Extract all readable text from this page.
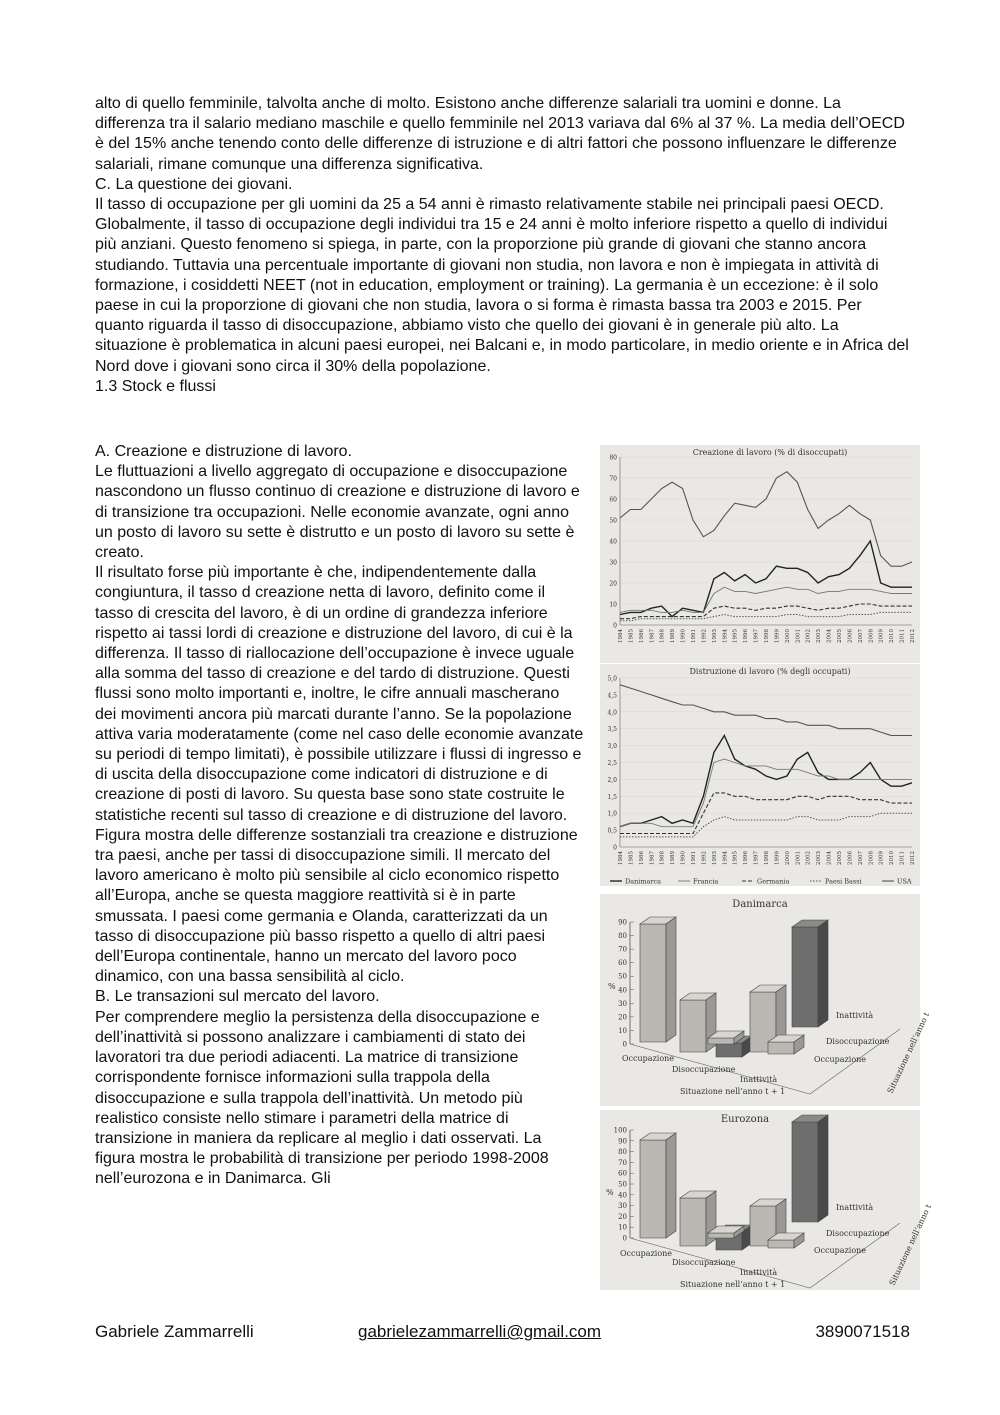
alto di quello femminile, talvolta anche di molto. Esistono anche differenze salariali tra uomini e donne. La differenza tra il salario mediano maschile e quello femminile nel 2013 variava dal 6% al 37 %. La media dell’OECD è del 15% anche tenendo conto delle differenze di istruzione e di altri fattori che possono influenzare le differenze salariali, rimane comunque una differenza significativa.

C. La questione dei giovani.

Il tasso di occupazione per gli uomini da 25 a 54 anni è rimasto relativamente stabile nei principali paesi OECD. Globalmente, il tasso di occupazione degli individui tra 15 e 24 anni è molto inferiore rispetto a quello di individui più anziani. Questo fenomeno si spiega, in parte, con la proporzione più grande di giovani che stanno ancora studiando. Tuttavia una percentuale importante di giovani non studia, non lavora e non è impiegata in attività di formazione, i cosiddetti NEET (not in education, employment or training). La germania è un eccezione: è il solo paese in cui la proporzione di giovani che non studia, lavora o si forma è rimasta bassa tra 2003 e 2015. Per quanto riguarda il tasso di disoccupazione, abbiamo visto che quello dei giovani è in generale più alto. La situazione è problematica in alcuni paesi europei, nei Balcani e, in modo particolare, in medio oriente e in Africa del Nord dove i giovani sono circa il 30% della popolazione.

1.3 Stock e flussi

A. Creazione e distruzione di lavoro.

Le fluttuazioni a livello aggregato di occupazione e disoccupazione nascondono un flusso continuo di creazione e distruzione di lavoro e di transizione tra occupazioni. Nelle economie avanzate, ogni anno un posto di lavoro su sette è distrutto e un posto di lavoro su sette è creato.

Il risultato forse più importante è che, indipendentemente dalla congiuntura, il tasso d creazione netta di lavoro, definito come il tasso di crescita del lavoro, è di un ordine di grandezza inferiore rispetto ai tassi lordi di creazione e distruzione del lavoro, di cui è la differenza. Il tasso di riallocazione dell’occupazione è invece uguale alla somma del tasso di creazione e del tardo di distruzione. Questi flussi sono molto importanti e, inoltre, le cifre annuali mascherano dei movimenti ancora più marcati durante l’anno. Se la popolazione attiva varia moderatamente (come nel caso delle economie avanzate su periodi di tempo limitati), è possibile utilizzare i flussi di ingresso e di uscita della disoccupazione come indicatori di distruzione e di creazione di posti di lavoro. Su questa base sono state costruite le statistiche recenti sul tasso di creazione e di distruzione del lavoro. Figura mostra delle differenze sostanziali tra creazione e distruzione tra paesi, anche per tassi di disoccupazione simili. Il mercato del lavoro americano è molto più sensibile al ciclo economico rispetto all’Europa, anche se questa maggiore reattività si è in parte smussata. I paesi come germania e Olanda, caratterizzati da un tasso di disoccupazione più basso rispetto a quello di altri paesi dell’Europa continentale, hanno un mercato del lavoro poco dinamico, con una bassa sensibilità al ciclo.

B. Le transazioni sul mercato del lavoro.

Per comprendere meglio la persistenza della disoccupazione e dell’inattività si possono analizzare i cambiamenti di stato dei lavoratori tra due periodi adiacenti. La matrice di transizione corrispondente fornisce informazioni sulla trappola della disoccupazione e sulla trappola dell’inattività. Un metodo più realistico consiste nello stimare i parametri della matrice di transizione in maniera da replicare al meglio i dati osservati. La figura mostra le probabilità di transizione per periodo 1998-2008 nell’eurozona e in Danimarca. Gli

Creazione di lavoro (% di disoccupati)
80
70
60
50
40
30
20
10
0
1984 1985 1986 1987 1988 1989 1990 1991 1992 1993 1994 1995 1996 1997 1998 1999 2000 2001 2002 2003 2004 2005 2006 2007 2008 2009 2010 2011 2012
Distruzione di lavoro (% degli occupati)
5,0
4,5
4,0
3,5
3,0
2,5
2,0
1,5
1,0
0,5
0
1984 1985 1986 1987 1988 1989 1990 1991 1992 1993 1994 1995 1996 1997 1998 1999 2000 2001 2002 2003 2004 2005 2006 2007 2008 2009 2010 2011 2012
Danimarca	Francia	Germania	Paesi Bassi	USA
Danimarca
%
90
80
70
60
50
40
30
20
10
0
Occupazione
Disoccupazione
Inattività
Situazione nell’anno t + 1
Inattività
Disoccupazione
Occupazione Situazione nell’anno t
Eurozona
%
100
90
80
70
60
50
40
30
20
10
0
Occupazione
Disoccupazione
Inattività
Situazione nell’anno t + 1
Inattività
Disoccupazione
Occupazione	Situazione nell’anno t
Gabriele Zammarrelli	gabrielezammarrelli@gmail.com	3890071518
